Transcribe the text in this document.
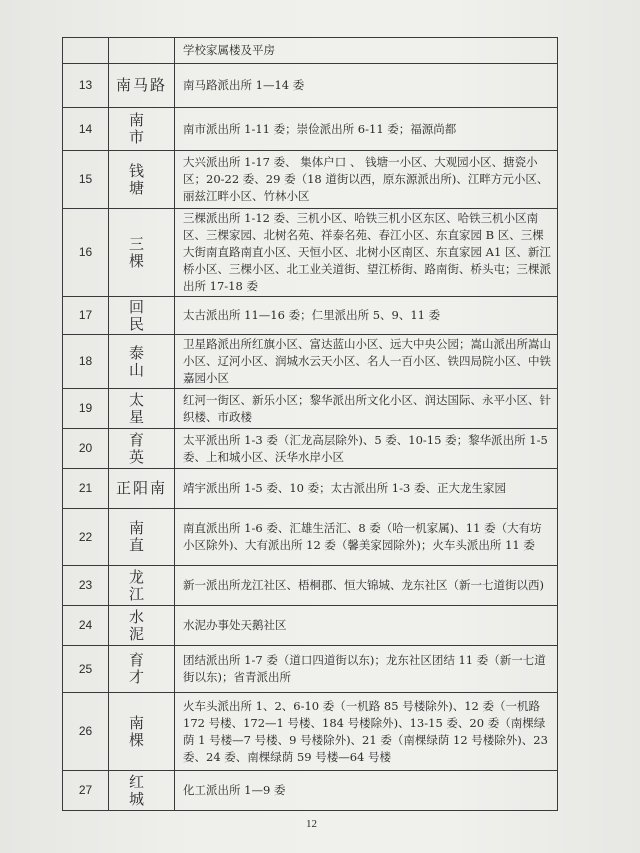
		学校家属楼及平房
13	南马路	南马路派出所 1—14 委
14	南 市	南市派出所 1-11 委；崇俭派出所 6-11 委；福源尚都
15	钱 塘	大兴派出所 1-17 委、 集体户口 、 钱塘一小区、大观园小区、搪瓷小区；20-22 委、29 委（18 道街以西，原东源派出所)、江畔方元小区、丽兹江畔小区、竹林小区
16	三 棵	三棵派出所 1-12 委、三机小区、哈铁三机小区东区、哈铁三机小区南区、三棵家园、北树名苑、祥泰名苑、春江小区、东直家园 B 区、三棵大街南直路南直小区、天恒小区、北树小区南区、东直家园 A1 区、新江桥小区、三棵小区、北工业关道街、望江桥街、路南街、桥头屯；三棵派出所 17-18 委
17	回 民	太古派出所 11—16 委；仁里派出所 5、9、11 委
18	泰 山	卫星路派出所红旗小区、富达蓝山小区、远大中央公园；嵩山派出所嵩山小区、辽河小区、润城水云天小区、名人一百小区、铁四局院小区、中铁嘉园小区
19	太 星	红河一街区、新乐小区；黎华派出所文化小区、润达国际、永平小区、针织楼、市政楼
20	育 英	太平派出所 1-3 委（汇龙高层除外)、5 委、10-15 委；黎华派出所 1-5 委、上和城小区、沃华水岸小区
21	正阳南	靖宇派出所 1-5 委、10 委；太古派出所 1-3 委、正大龙生家园
22	南 直	南直派出所 1-6 委、汇雄生活汇、8 委（哈一机家属)、11 委（大有坊小区除外)、大有派出所 12 委（馨美家园除外)；火车头派出所 11 委
23	龙 江	新一派出所龙江社区、梧桐郡、恒大锦城、龙东社区（新一七道街以西)
24	水 泥	水泥办事处天鹅社区
25	育 才	团结派出所 1-7 委（道口四道街以东)；龙东社区团结 11 委（新一七道街以东)；省青派出所
26	南 棵	火车头派出所 1、2、6-10 委（一机路 85 号楼除外)、12 委（一机路 172 号楼、172—1 号楼、184 号楼除外)、13-15 委、20 委（南棵绿荫 1 号楼—7 号楼、9 号楼除外)、21 委（南棵绿荫 12 号楼除外)、23 委、24 委、南棵绿荫 59 号楼—64 号楼
27	红 城	化工派出所 1—9 委
12
